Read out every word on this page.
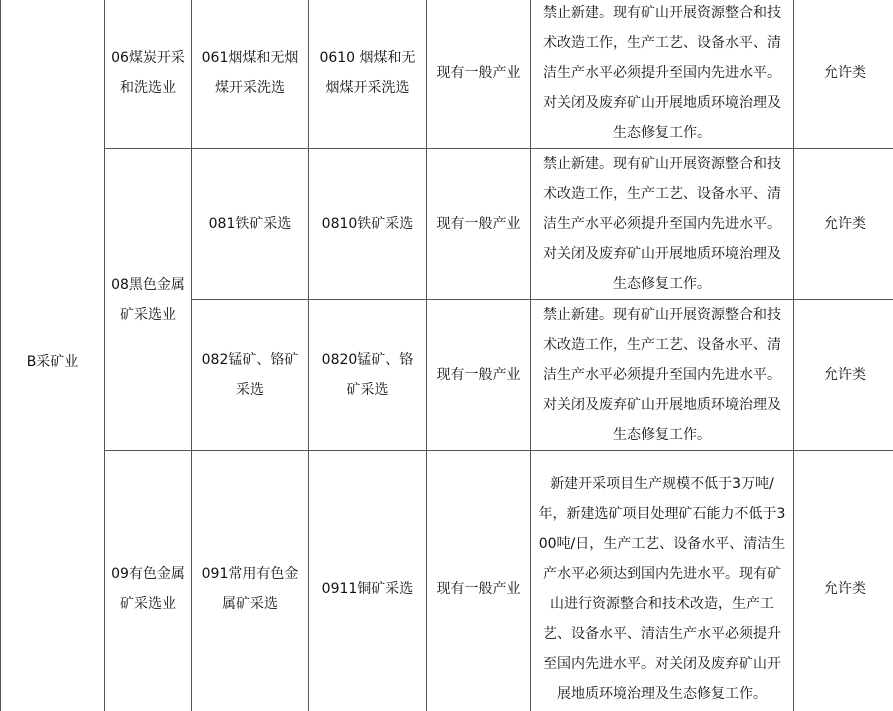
B采矿业	06煤炭开采和洗选业	061烟煤和无烟煤开采洗选	0610 烟煤和无烟煤开采洗选	现有一般产业	禁止新建。现有矿山开展资源整合和技术改造工作，生产工艺、设备水平、清洁生产水平必须提升至国内先进水平。对关闭及废弃矿山开展地质环境治理及生态修复工作。	允许类
	08黑色金属矿采选业	081铁矿采选	0810铁矿采选	现有一般产业	禁止新建。现有矿山开展资源整合和技术改造工作，生产工艺、设备水平、清洁生产水平必须提升至国内先进水平。对关闭及废弃矿山开展地质环境治理及生态修复工作。	允许类
		082锰矿、铬矿采选	0820锰矿、铬矿采选	现有一般产业	禁止新建。现有矿山开展资源整合和技术改造工作，生产工艺、设备水平、清洁生产水平必须提升至国内先进水平。对关闭及废弃矿山开展地质环境治理及生态修复工作。	允许类
	09有色金属矿采选业	091常用有色金属矿采选	0911铜矿采选	现有一般产业	新建开采项目生产规模不低于3万吨/年，新建选矿项目处理矿石能力不低于300吨/日，生产工艺、设备水平、清洁生产水平必须达到国内先进水平。现有矿山进行资源整合和技术改造，生产工艺、设备水平、清洁生产水平必须提升至国内先进水平。对关闭及废弃矿山开展地质环境治理及生态修复工作。	允许类
